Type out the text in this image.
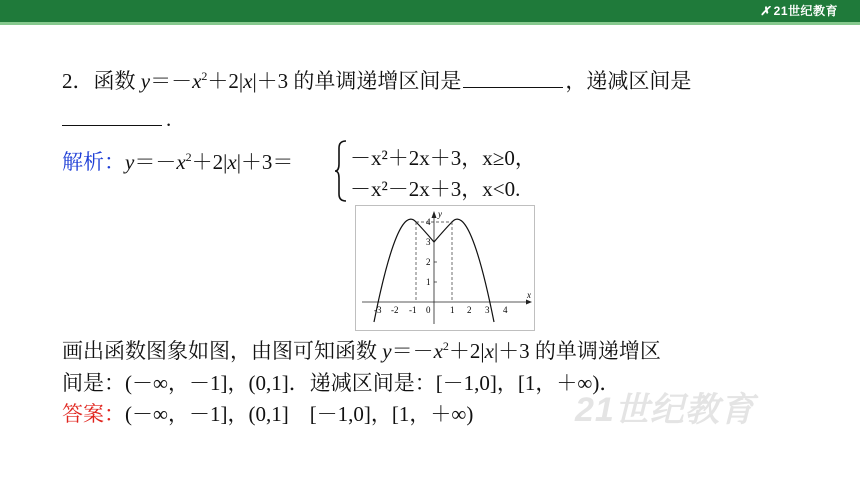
✗ 21世纪教育
2．函数 $y=-x^2+2|x|+3$ 的单调递增区间是	，递减区间是
.
解析：$y=-x^2+2|x|+3=$	－x²＋2x＋3，x≥0，
－x²－2x＋3，x<0.
x
y
1
2
3
4
-3 -2 -1 0 1 2 3 4
画出函数图象如图，由图可知函数 $y=-x^2+2|x|+3$ 的单调递增区
间是：(－∞，－1]，(0,1]．递减区间是：[－1,0]，[1，＋∞)．
答案：(－∞，－1]，(0,1]　[－1,0]，[1，＋∞)	21世纪教育
